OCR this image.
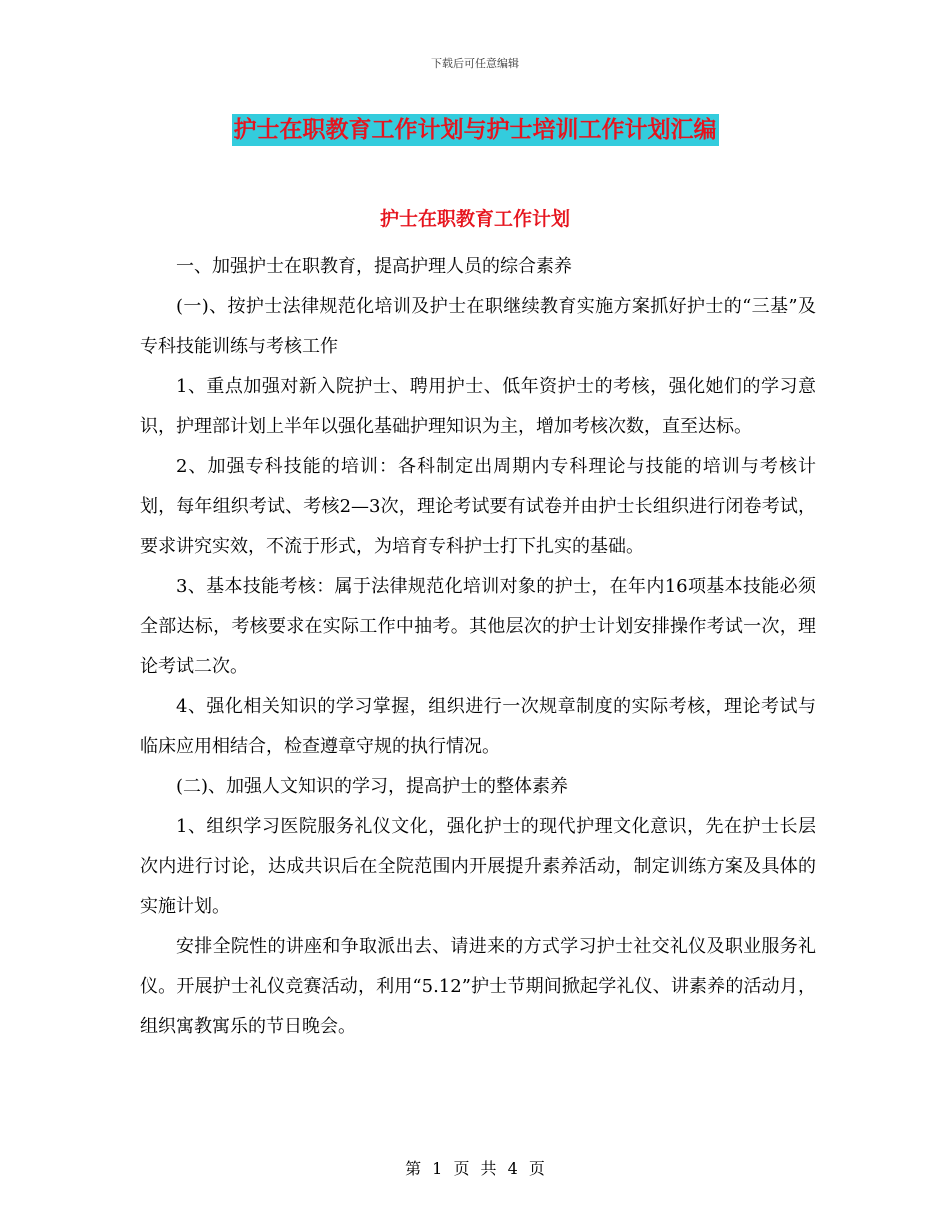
下载后可任意编辑
护士在职教育工作计划与护士培训工作计划汇编
护士在职教育工作计划

一、加强护士在职教育，提高护理人员的综合素养

(一)、按护士法律规范化培训及护士在职继续教育实施方案抓好护士的“三基”及专科技能训练与考核工作

1、重点加强对新入院护士、聘用护士、低年资护士的考核，强化她们的学习意识，护理部计划上半年以强化基础护理知识为主，增加考核次数，直至达标。

2、加强专科技能的培训：各科制定出周期内专科理论与技能的培训与考核计划，每年组织考试、考核2—3次，理论考试要有试卷并由护士长组织进行闭卷考试，要求讲究实效，不流于形式，为培育专科护士打下扎实的基础。

3、基本技能考核：属于法律规范化培训对象的护士，在年内16项基本技能必须全部达标，考核要求在实际工作中抽考。其他层次的护士计划安排操作考试一次，理论考试二次。

4、强化相关知识的学习掌握，组织进行一次规章制度的实际考核，理论考试与临床应用相结合，检查遵章守规的执行情况。

(二)、加强人文知识的学习，提高护士的整体素养

1、组织学习医院服务礼仪文化，强化护士的现代护理文化意识，先在护士长层次内进行讨论，达成共识后在全院范围内开展提升素养活动，制定训练方案及具体的实施计划。

安排全院性的讲座和争取派出去、请进来的方式学习护士社交礼仪及职业服务礼仪。开展护士礼仪竞赛活动，利用“5.12”护士节期间掀起学礼仪、讲素养的活动月，组织寓教寓乐的节日晚会。

第 1 页 共 4 页
